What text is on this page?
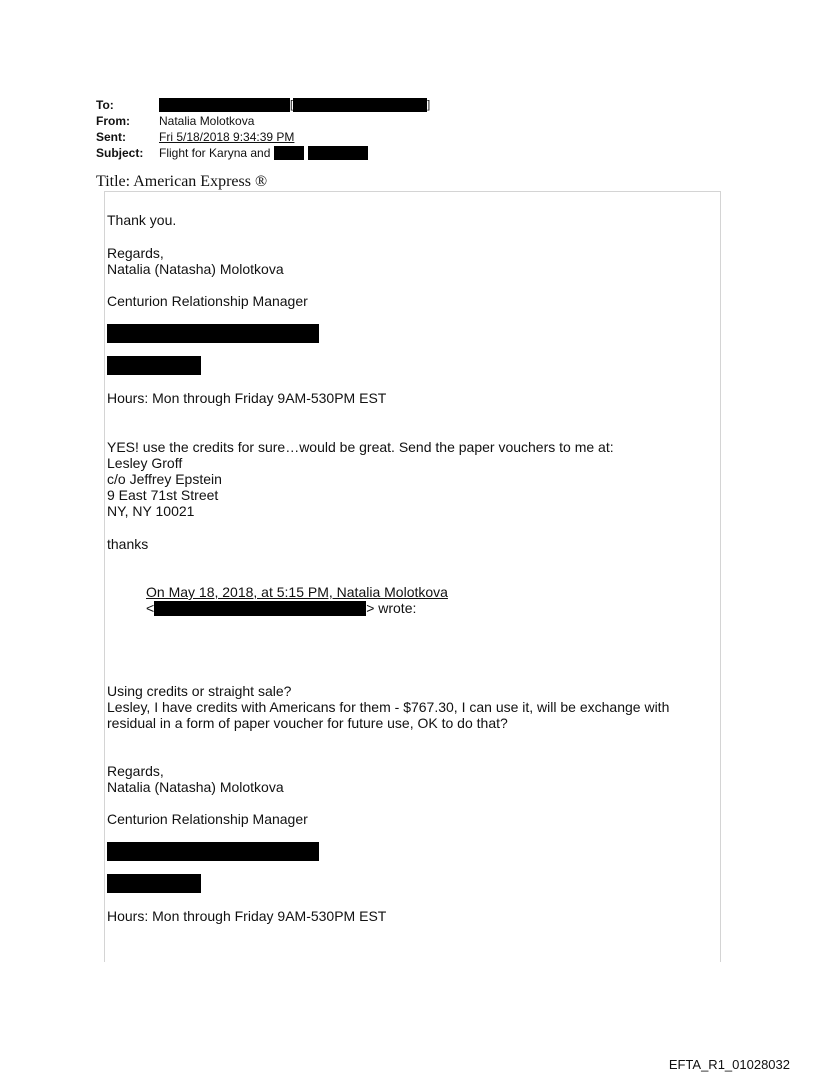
To:	[	]
From:	Natalia Molotkova
Sent:	Fri 5/18/2018 9:34:39 PM
Subject:	Flight for Karyna and
Title: American Express ®

Thank you.

Regards,

Natalia (Natasha) Molotkova

Centurion Relationship Manager
Hours: Mon through Friday 9AM-530PM EST

YES! use the credits for sure…would be great. Send the paper vouchers to me at:

Lesley Groff

c/o Jeffrey Epstein

9 East 71st Street

NY, NY 10021

thanks

On May 18, 2018, at 5:15 PM, Natalia Molotkova

<	> wrote:

Using credits or straight sale?

Lesley, I have credits with Americans for them - $767.30, I can use it, will be exchange with

residual in a form of paper voucher for future use, OK to do that?

Regards,

Natalia (Natasha) Molotkova

Centurion Relationship Manager
Hours: Mon through Friday 9AM-530PM EST
EFTA_R1_01028032
